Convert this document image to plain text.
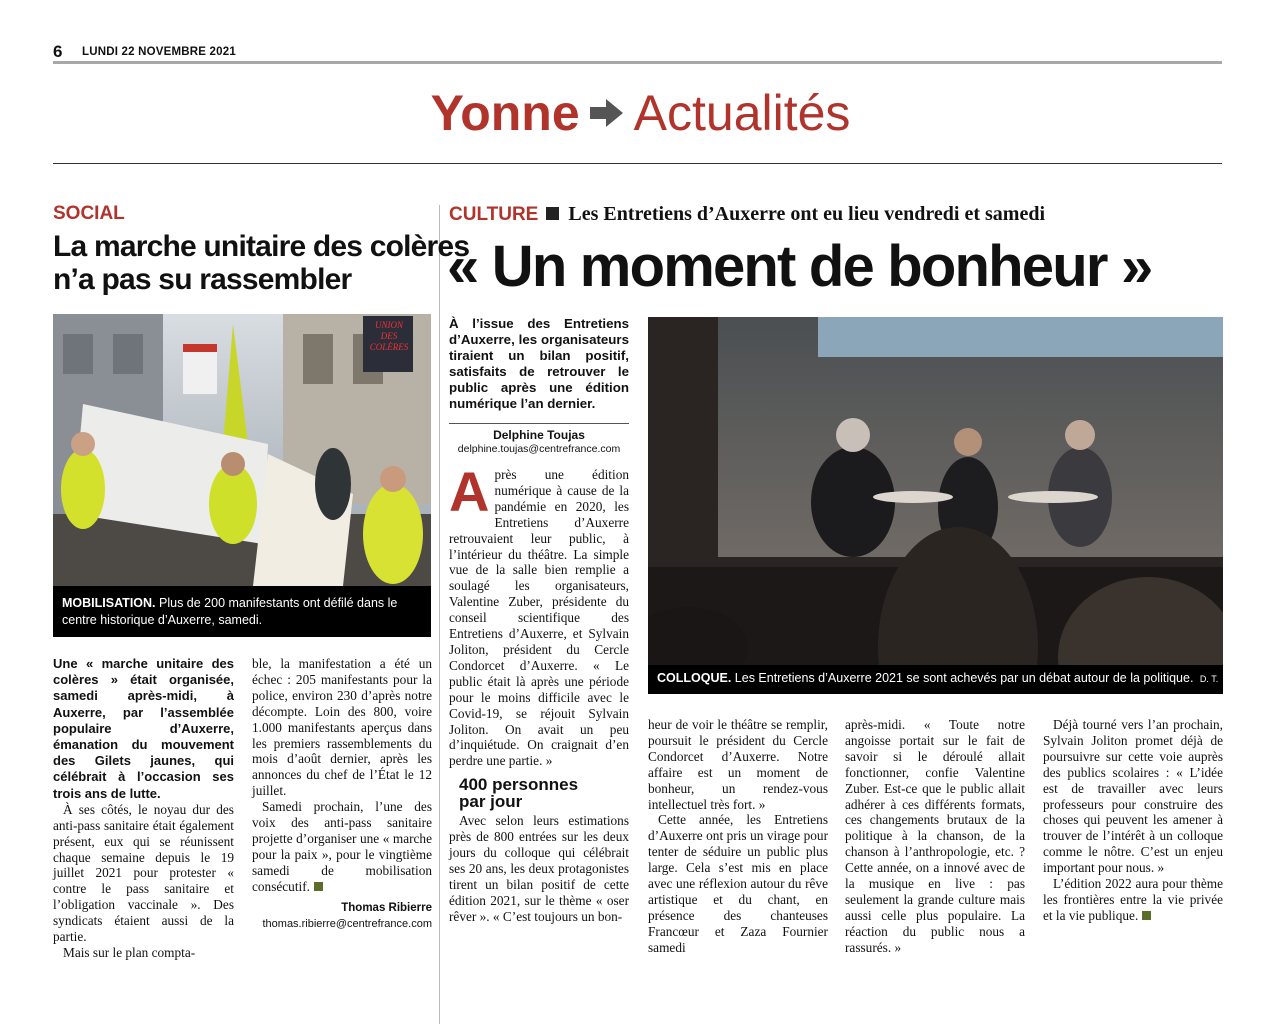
6 LUNDI 22 NOVEMBRE 2021
Yonne Actualités
SOCIAL
La marche unitaire des colères
n’a pas su rassembler
UNION DES COLÈRES
MOBILISATION. Plus de 200 manifestants ont défilé dans le centre historique d’Auxerre, samedi.

Une « marche unitaire des colères » était organisée, samedi après-midi, à Auxerre, par l’assemblée populaire d’Auxerre, émanation du mouvement des Gilets jaunes, qui célébrait à l’occasion ses trois ans de lutte.

À ses côtés, le noyau dur des anti-pass sanitaire était également présent, eux qui se réunissent chaque semaine depuis le 19 juillet 2021 pour protester « contre le pass sanitaire et l’obligation vaccinale ». Des syndicats étaient aussi de la partie.

Mais sur le plan compta-

ble, la manifestation a été un échec : 205 manifestants pour la police, environ 230 d’après notre décompte. Loin des 800, voire 1.000 manifestants aperçus dans les premiers rassemblements du mois d’août dernier, après les annonces du chef de l’État le 12 juillet.

Samedi prochain, l’une des voix des anti-pass sanitaire projette d’organiser une « marche pour la paix », pour le vingtième samedi de mobilisation consécutif.

Thomas Ribierre
thomas.ribierre@centrefrance.com
CULTURE Les Entretiens d’Auxerre ont eu lieu vendredi et samedi
« Un moment de bonheur »
À l’issue des Entretiens d’Auxerre, les organisateurs tiraient un bilan positif, satisfaits de retrouver le public après une édition numérique l’an dernier.
Delphine Toujas
delphine.toujas@centrefrance.com
COLLOQUE. Les Entretiens d’Auxerre 2021 se sont achevés par un débat autour de la politique. D. T.

Après une édition numérique à cause de la pandémie en 2020, les Entretiens d’Auxerre retrouvaient leur public, à l’intérieur du théâtre. La simple vue de la salle bien remplie a soulagé les organisateurs, Valentine Zuber, présidente du conseil scientifique des Entretiens d’Auxerre, et Sylvain Joliton, président du Cercle Condorcet d’Auxerre. « Le public était là après une période pour le moins difficile avec le Covid-19, se réjouit Sylvain Joliton. On avait un peu d’inquiétude. On craignait d’en perdre une partie. »

400 personnes
par jour

Avec selon leurs estimations près de 800 entrées sur les deux jours du colloque qui célébrait ses 20 ans, les deux protagonistes tirent un bilan positif de cette édition 2021, sur le thème « oser rêver ». « C’est toujours un bon-

heur de voir le théâtre se remplir, poursuit le président du Cercle Condorcet d’Auxerre. Notre affaire est un moment de bonheur, un rendez-vous intellectuel très fort. »

Cette année, les Entretiens d’Auxerre ont pris un virage pour tenter de séduire un public plus large. Cela s’est mis en place avec une réflexion autour du rêve artistique et du chant, en présence des chanteuses Francœur et Zaza Fournier samedi

après-midi. « Toute notre angoisse portait sur le fait de savoir si le déroulé allait fonctionner, confie Valentine Zuber. Est-ce que le public allait adhérer à ces différents formats, ces changements brutaux de la politique à la chanson, de la chanson à l’anthropologie, etc. ? Cette année, on a innové avec de la musique en live : pas seulement la grande culture mais aussi celle plus populaire. La réaction du public nous a rassurés. »

Déjà tourné vers l’an prochain, Sylvain Joliton promet déjà de poursuivre sur cette voie auprès des publics scolaires : « L’idée est de travailler avec leurs professeurs pour construire des choses qui peuvent les amener à trouver de l’intérêt à un colloque comme le nôtre. C’est un enjeu important pour nous. »

L’édition 2022 aura pour thème les frontières entre la vie privée et la vie publique.
